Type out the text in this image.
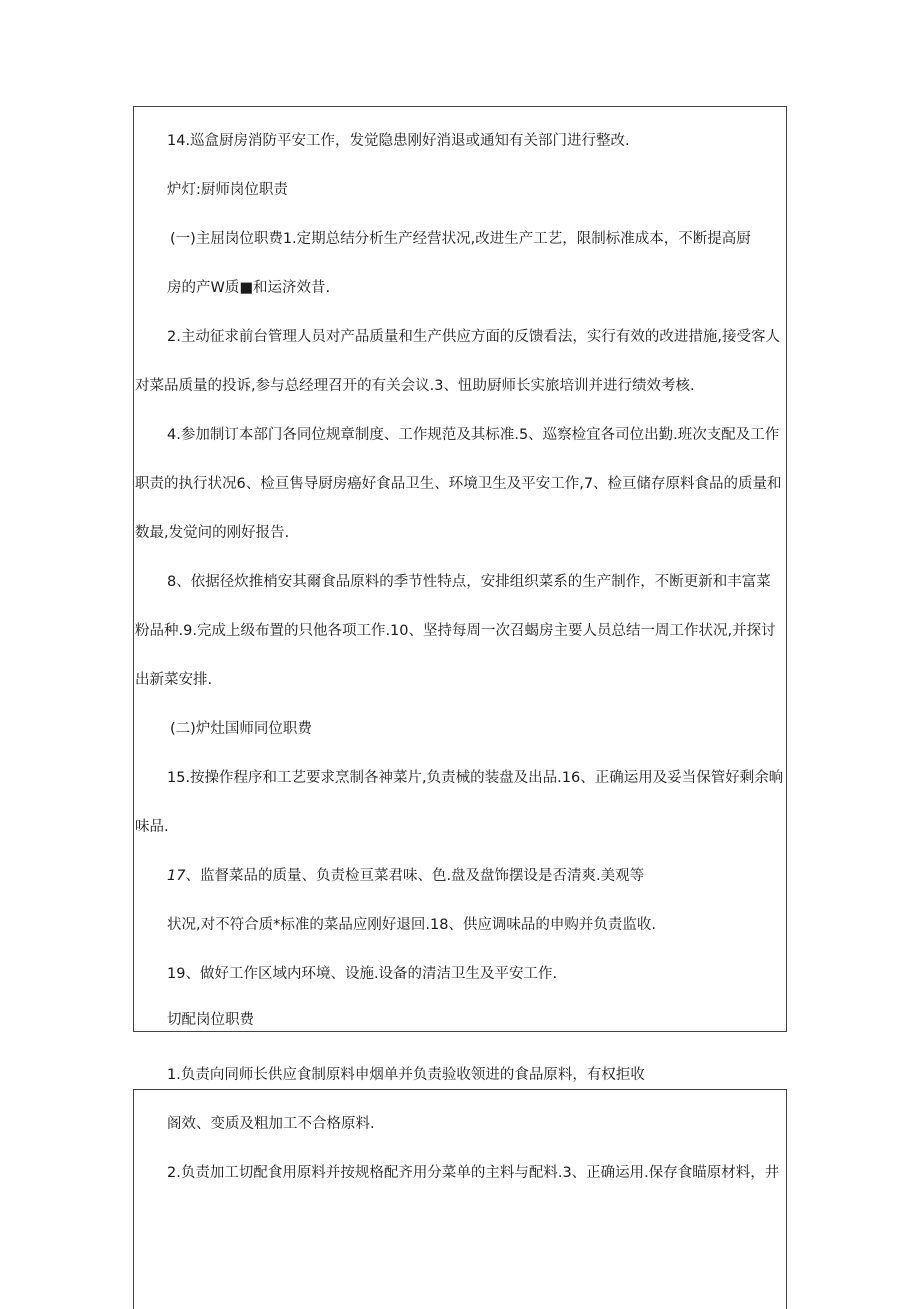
14.巡盒厨房消防平安工作，发觉隐患刚好消退或通知有关部门进行整改.
炉灯:厨师岗位职责
(一)主屈岗位职费1.定期总结分析生产经营状况,改进生产工艺，限制标准成本，不断提高厨
房的产W质■和运济效昔.
2.主动征求前台管理人员对产品质量和生产供应方面的反馈看法，实行有效的改进措施,接受客人
对菜品质量的投诉,参与总经理召开的有关会议.3、忸助厨师长实旅培训并进行绩效考核.
4.参加制订本部门各同位规章制度、工作规范及其标准.5、巡察检宜各司位出勤.班次支配及工作
职责的执行状况6、检亘售导厨房癌好食品卫生、环境卫生及平安工作,7、检亘储存原料食品的质量和
数最,发觉问的刚好报告.
8、依据径炊推梢安其爾食品原料的季节性特点，安排组织菜系的生产制作，不断更新和丰富菜
粉品种.9.完成上级布置的只他各项工作.10、坚持每周一次召蝎房主要人员总结一周工作状况,并探讨
出新菜安排.
(二)炉灶国师同位职费
15.按操作程序和工艺要求烹制各神菜片,负责械的装盘及出品.16、正确运用及妥当保管好剩余晌
味品.
17、监督菜品的质量、负责检亘菜君味、色.盘及盘饰摆设是否清爽.美观等
状况,对不符合质*标准的菜品应刚好退回.18、供应调味品的申购并负责监收.
19、做好工作区域内环境、设施.设备的清洁卫生及平安工作.
切配岗位职费
1.负责向同师长供应食制原料申烟单并负责验收领进的食品原料，有权拒收
阁效、变质及粗加工不合格原料.
2.负责加工切配食用原料并按规格配齐用分菜单的主料与配料.3、正确运用.保存食瞄原材料，井
